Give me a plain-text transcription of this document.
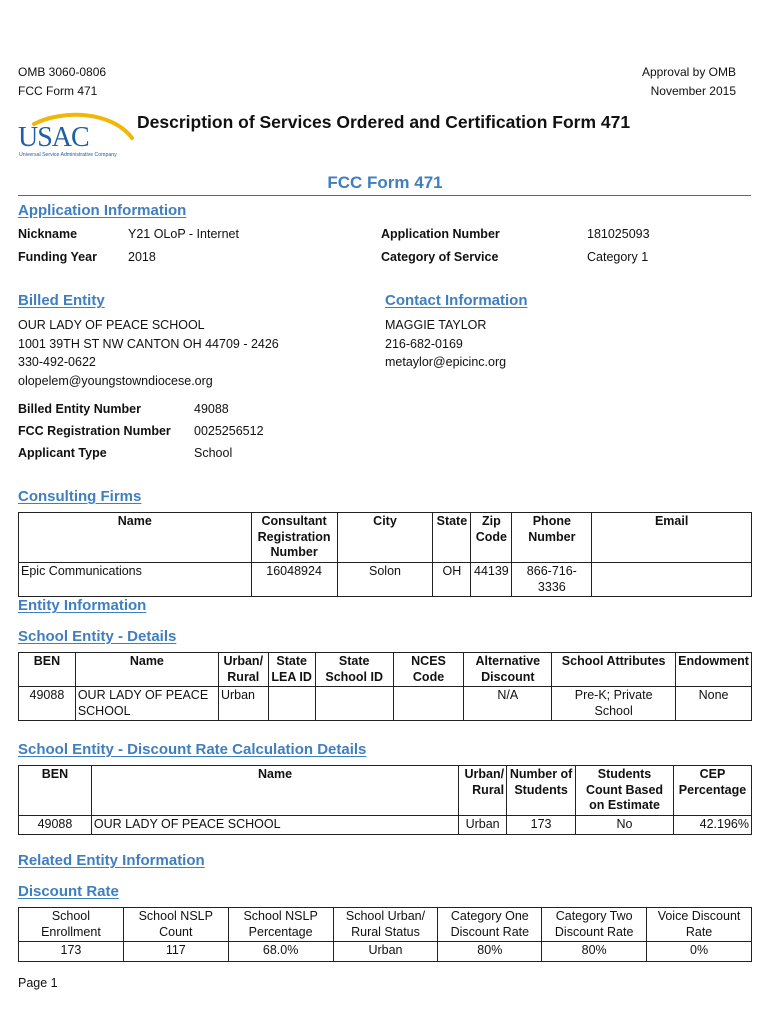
OMB 3060-0806
FCC Form 471
Approval by OMB
November 2015
USAC
Universal Service Administrative Company
Description of Services Ordered and Certification Form 471
FCC Form 471
Application Information
Nickname	Y21 OLoP - Internet
Funding Year 2018
Application Number	181025093
Category of Service	Category 1
Billed Entity
OUR LADY OF PEACE SCHOOL
1001 39TH ST NW CANTON OH 44709 - 2426
330-492-0622
olopelem@youngstowndiocese.org
Contact Information
MAGGIE TAYLOR
216-682-0169
metaylor@epicinc.org
Billed Entity Number	49088
FCC Registration Number 0025256512
Applicant Type	School
Consulting Firms
Name	Consultant Registration Number	City	State	Zip Code	Phone Number	Email
Epic Communications	16048924	Solon	OH	44139	866-716-3336	
Entity Information
School Entity - Details
BEN	Name	Urban/ Rural	State LEA ID	State School ID	NCES Code	Alternative Discount	School Attributes	Endowment
49088	OUR LADY OF PEACE SCHOOL	Urban				N/A	Pre-K; Private School	None
School Entity - Discount Rate Calculation Details
BEN	Name	Urban/ Rural	Number of Students	Students Count Based on Estimate	CEP Percentage
49088	OUR LADY OF PEACE SCHOOL	Urban	173	No	42.196%
Related Entity Information
Discount Rate
School Enrollment	School NSLP Count	School NSLP Percentage	School Urban/ Rural Status	Category One Discount Rate	Category Two Discount Rate	Voice Discount Rate
173	117	68.0%	Urban	80%	80%	0%
Page 1
